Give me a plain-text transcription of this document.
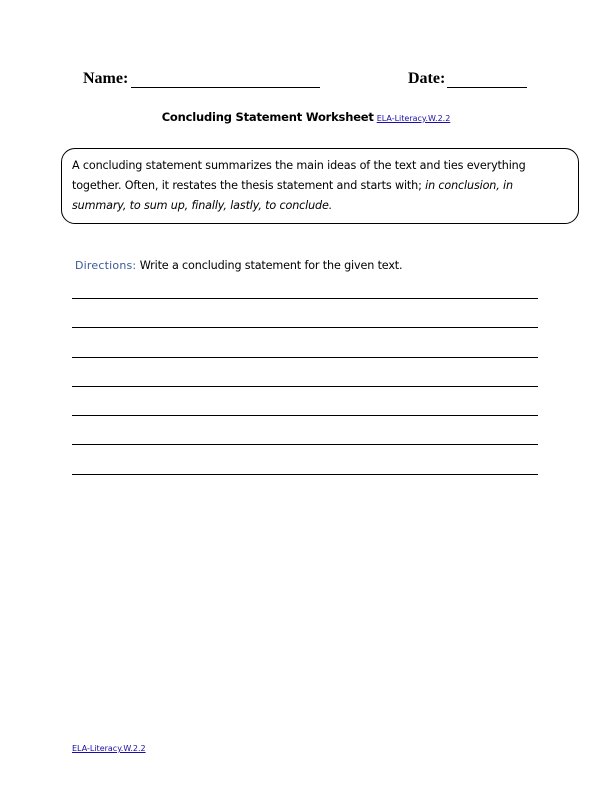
Name:	Date:
Concluding Statement Worksheet ELA-Literacy.W.2.2
A concluding statement summarizes the main ideas of the text and ties everything together. Often, it restates the thesis statement and starts with; in conclusion, in summary, to sum up, finally, lastly, to conclude.
Directions: Write a concluding statement for the given text.
ELA-Literacy.W.2.2
